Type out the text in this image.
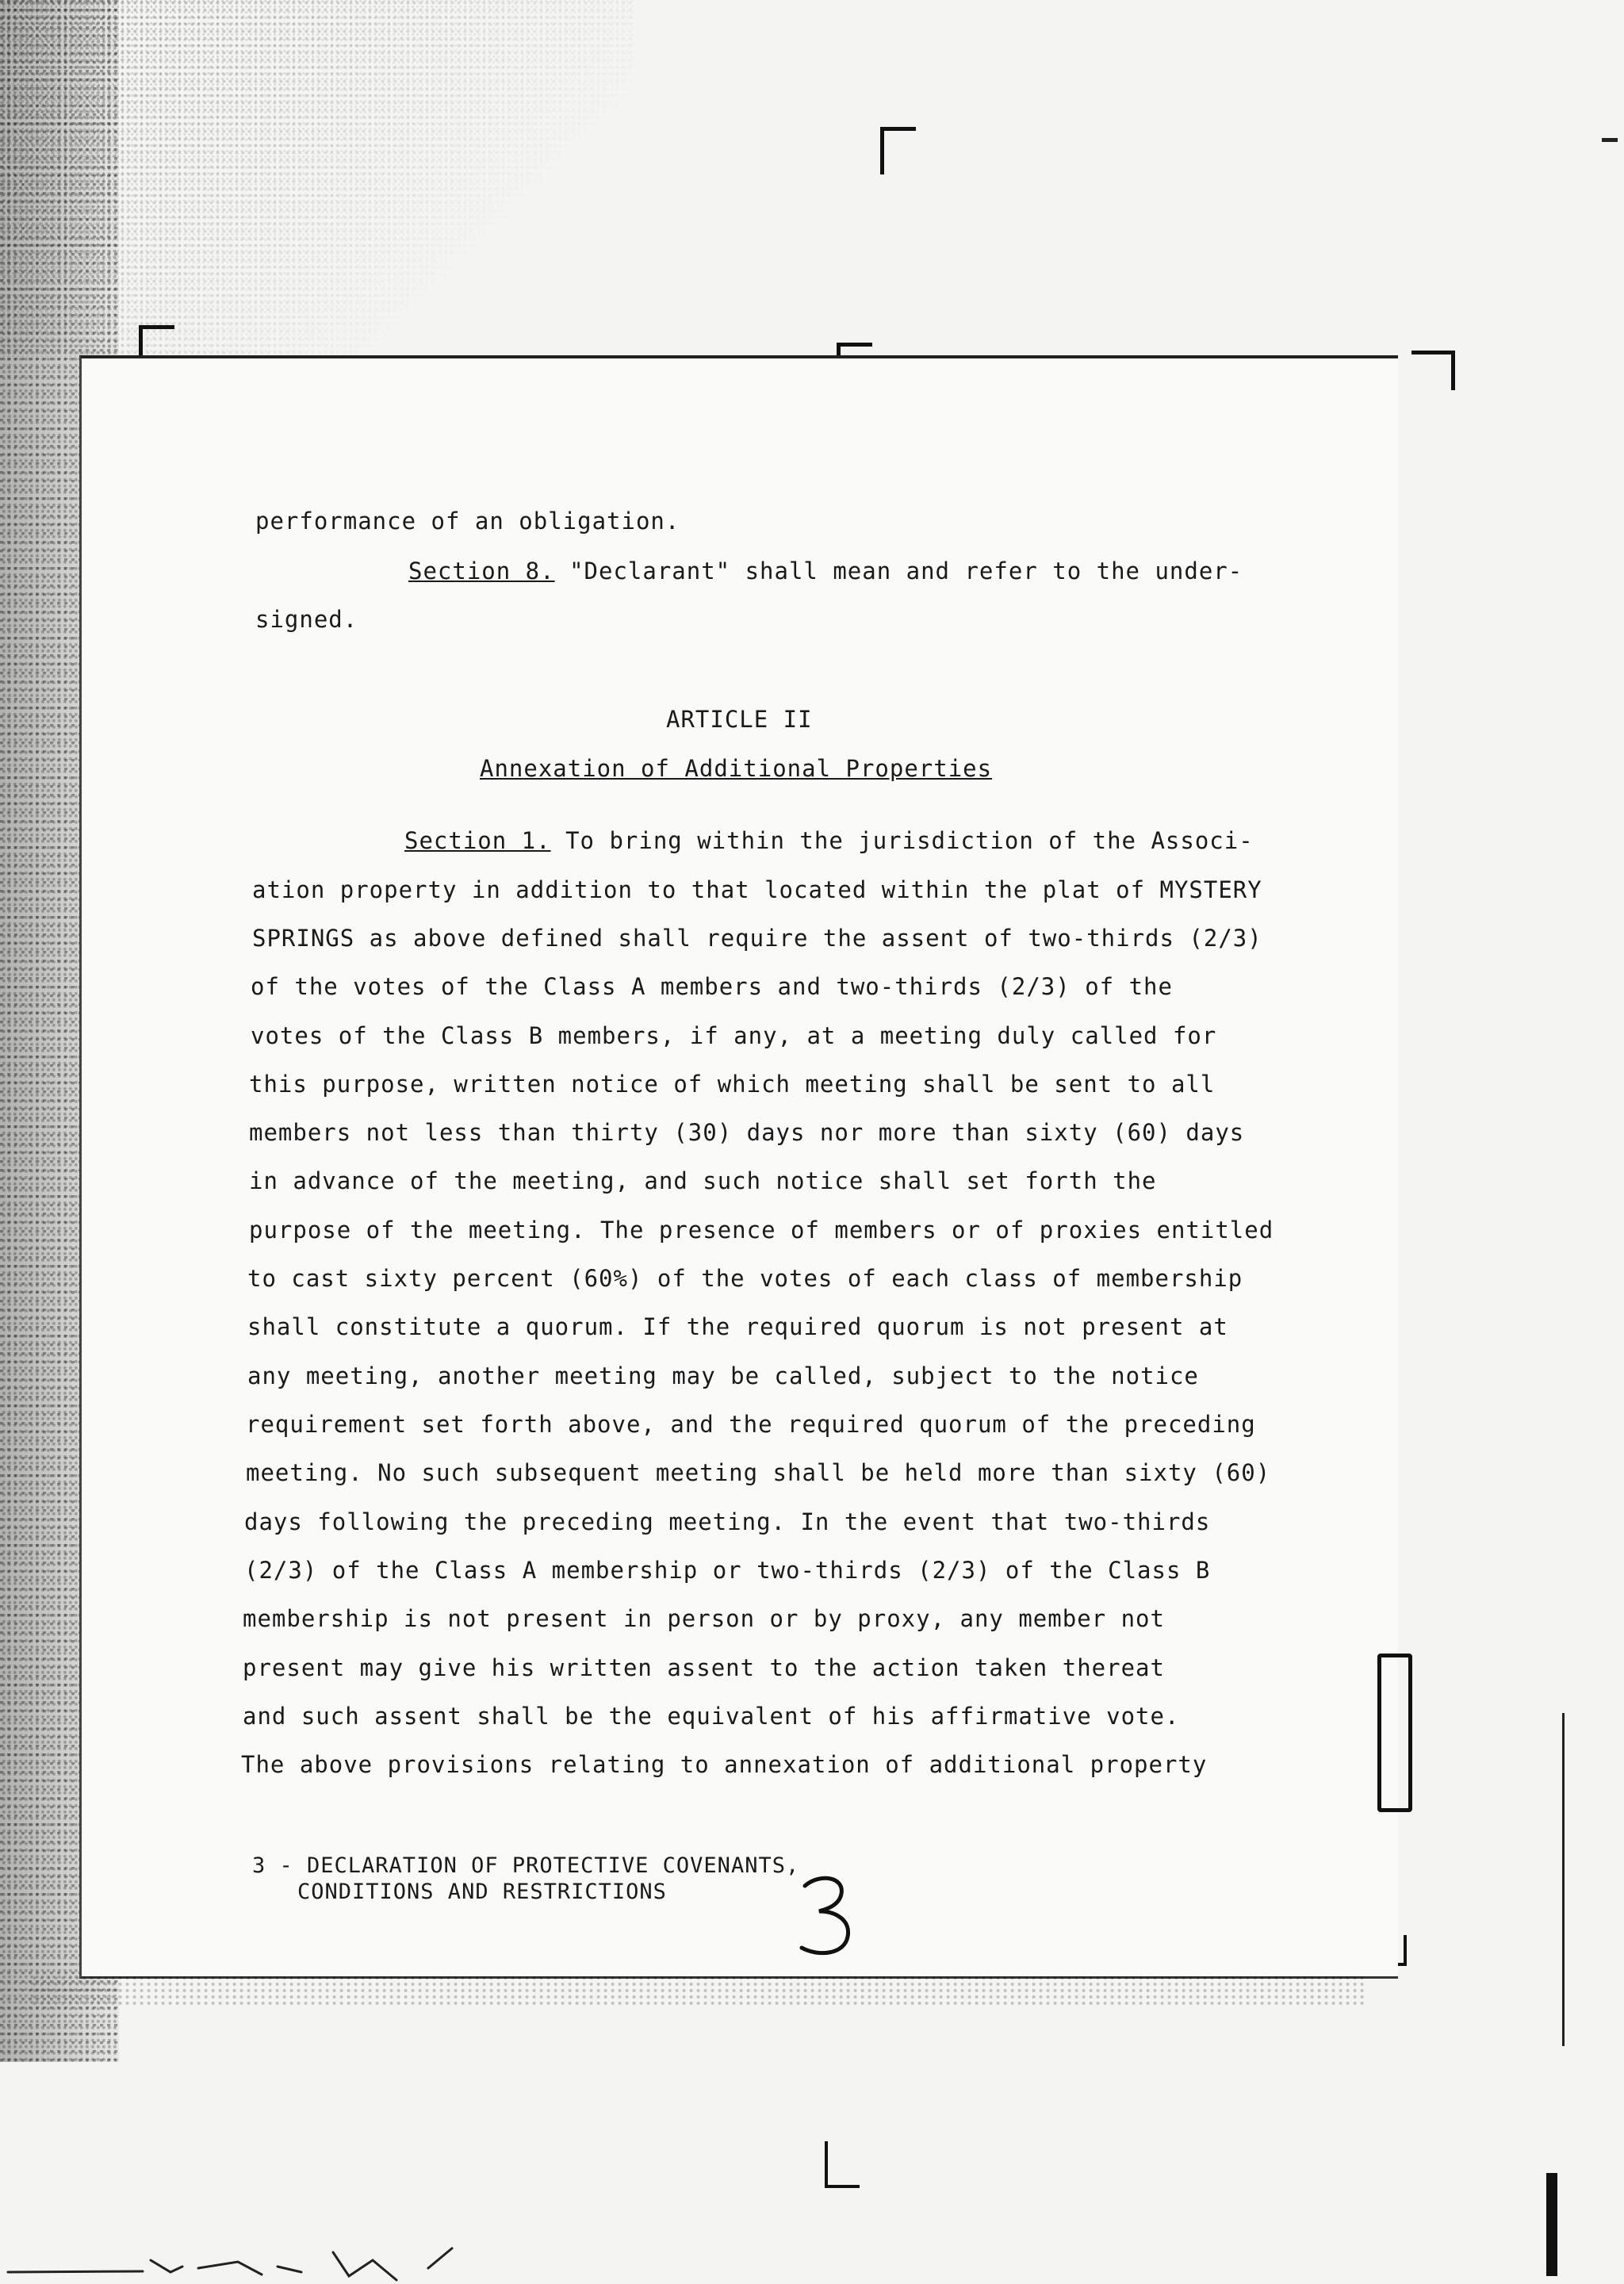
performance of an obligation.
Section 8. "Declarant" shall mean and refer to the under-
signed.
ARTICLE II
Annexation of Additional Properties
Section 1. To bring within the jurisdiction of the Associ-
ation property in addition to that located within the plat of MYSTERY
SPRINGS as above defined shall require the assent of two-thirds (2/3)
of the votes of the Class A members and two-thirds (2/3) of the
votes of the Class B members, if any, at a meeting duly called for
this purpose, written notice of which meeting shall be sent to all
members not less than thirty (30) days nor more than sixty (60) days
in advance of the meeting, and such notice shall set forth the
purpose of the meeting. The presence of members or of proxies entitled
to cast sixty percent (60%) of the votes of each class of membership
shall constitute a quorum. If the required quorum is not present at
any meeting, another meeting may be called, subject to the notice
requirement set forth above, and the required quorum of the preceding
meeting. No such subsequent meeting shall be held more than sixty (60)
days following the preceding meeting. In the event that two-thirds
(2/3) of the Class A membership or two-thirds (2/3) of the Class B
membership is not present in person or by proxy, any member not
present may give his written assent to the action taken thereat
and such assent shall be the equivalent of his affirmative vote.
The above provisions relating to annexation of additional property
3 - DECLARATION OF PROTECTIVE COVENANTS,
CONDITIONS AND RESTRICTIONS
